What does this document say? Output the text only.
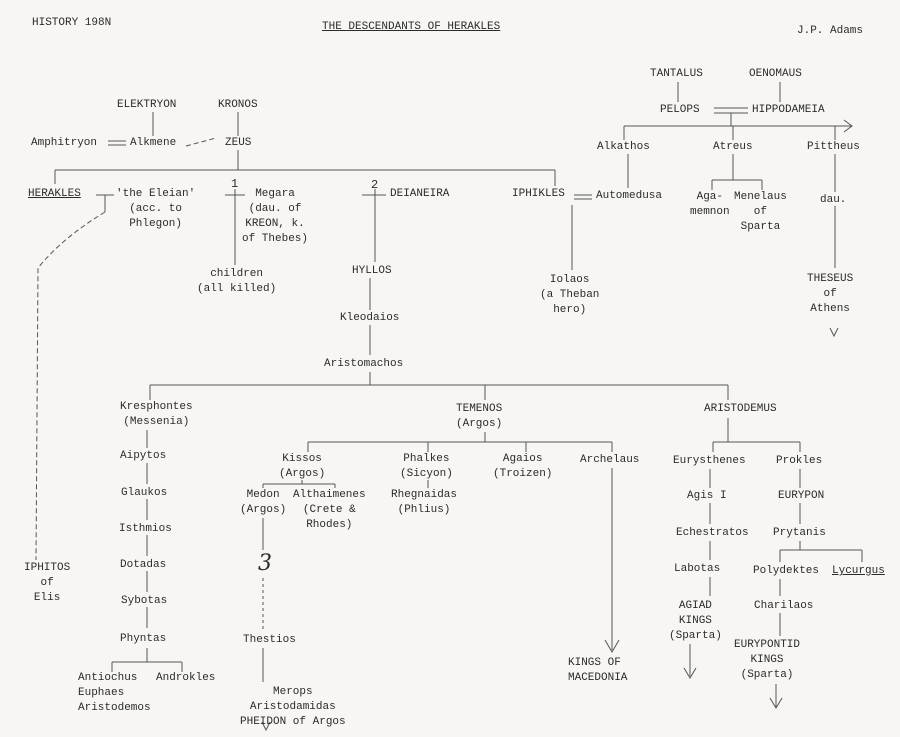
HISTORY 198N	THE DESCENDANTS OF HERAKLES	J.P. Adams
TANTALUS	OENOMAUS
PELOPS	HIPPODAMEIA
ELEKTRYON	KRONOS
Amphitryon	Alkmene	ZEUS	Alkathos	Atreus	Pittheus
HERAKLES	'the Eleian'
(acc. to
Phlegon)
1
Megara
(dau. of
KREON, k.
of Thebes)
2
DEIANEIRA	IPHIKLES	Automedusa	Aga-
memnon
Menelaus
of
Sparta
dau.
children
(all killed)
HYLLOS
Iolaos
(a Theban
hero)
THESEUS
of
Athens
Kleodaios
Aristomachos
Kresphontes
(Messenia)
TEMENOS
(Argos)
ARISTODEMUS
Aipytos	Kissos
(Argos)
Phalkes
(Sicyon)
Agaios
(Troizen)
Archelaus	Eurysthenes	Prokles
Glaukos	Medon
(Argos)
Althaimenes
(Crete &
Rhodes)
Rhegnaidas
(Phlius)
Agis I	EURYPON
Isthmios	Echestratos Prytanis
3
IPHITOS
of
Elis
Dotadas	Labotas	Polydektes Lycurgus
Sybotas	AGIAD
KINGS
(Sparta)
Charilaos
Phyntas	Thestios	EURYPONTID
KINGS
(Sparta)
Antiochus
Euphaes
Aristodemos
Androkles
KINGS OF
MACEDONIA
Merops
Aristodamidas
PHEIDON of Argos
